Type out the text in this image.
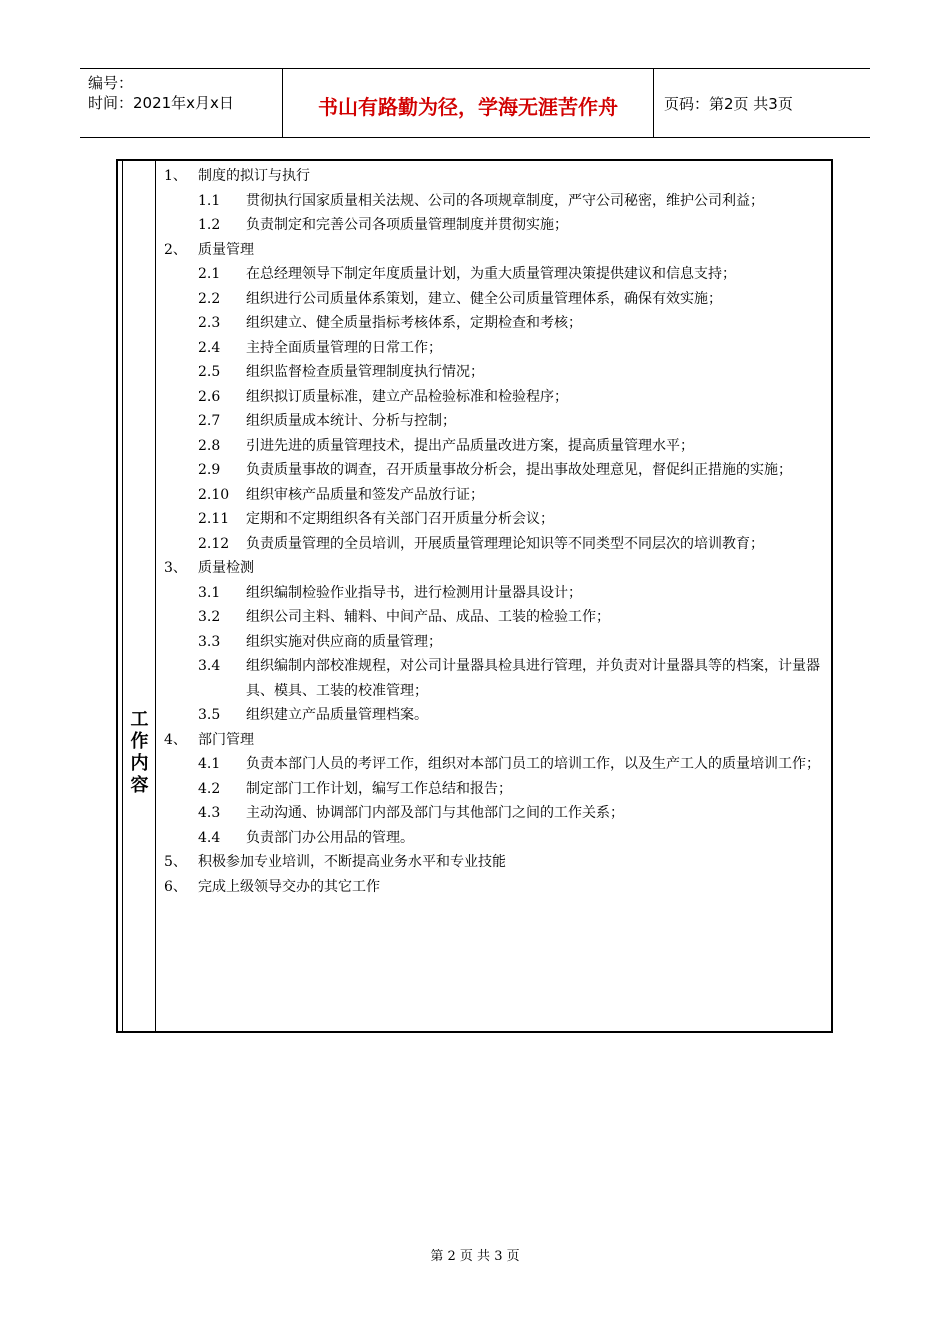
编号：
时间：2021年x月x日	书山有路勤为径，学海无涯苦作舟	页码：第2页 共3页
工
作
内
容
1、 制度的拟订与执行
1.1 贯彻执行国家质量相关法规、公司的各项规章制度，严守公司秘密，维护公司利益；
1.2 负责制定和完善公司各项质量管理制度并贯彻实施；
2、 质量管理
2.1 在总经理领导下制定年度质量计划，为重大质量管理决策提供建议和信息支持；
2.2 组织进行公司质量体系策划，建立、健全公司质量管理体系，确保有效实施；
2.3 组织建立、健全质量指标考核体系，定期检查和考核；
2.4 主持全面质量管理的日常工作；
2.5 组织监督检查质量管理制度执行情况；
2.6 组织拟订质量标准，建立产品检验标准和检验程序；
2.7 组织质量成本统计、分析与控制；
2.8 引进先进的质量管理技术，提出产品质量改进方案，提高质量管理水平；
2.9 负责质量事故的调查，召开质量事故分析会，提出事故处理意见，督促纠正措施的实施；
2.10 组织审核产品质量和签发产品放行证；
2.11 定期和不定期组织各有关部门召开质量分析会议；
2.12 负责质量管理的全员培训，开展质量管理理论知识等不同类型不同层次的培训教育；
3、 质量检测
3.1 组织编制检验作业指导书，进行检测用计量器具设计；
3.2 组织公司主料、辅料、中间产品、成品、工装的检验工作；
3.3 组织实施对供应商的质量管理；
3.4 组织编制内部校准规程，对公司计量器具检具进行管理，并负责对计量器具等的档案，计量器具、模具、工装的校准管理；
3.5 组织建立产品质量管理档案。
4、 部门管理
4.1 负责本部门人员的考评工作，组织对本部门员工的培训工作，以及生产工人的质量培训工作；
4.2 制定部门工作计划，编写工作总结和报告；
4.3 主动沟通、协调部门内部及部门与其他部门之间的工作关系；
4.4 负责部门办公用品的管理。
5、 积极参加专业培训，不断提高业务水平和专业技能
6、 完成上级领导交办的其它工作
第 2 页 共 3 页
